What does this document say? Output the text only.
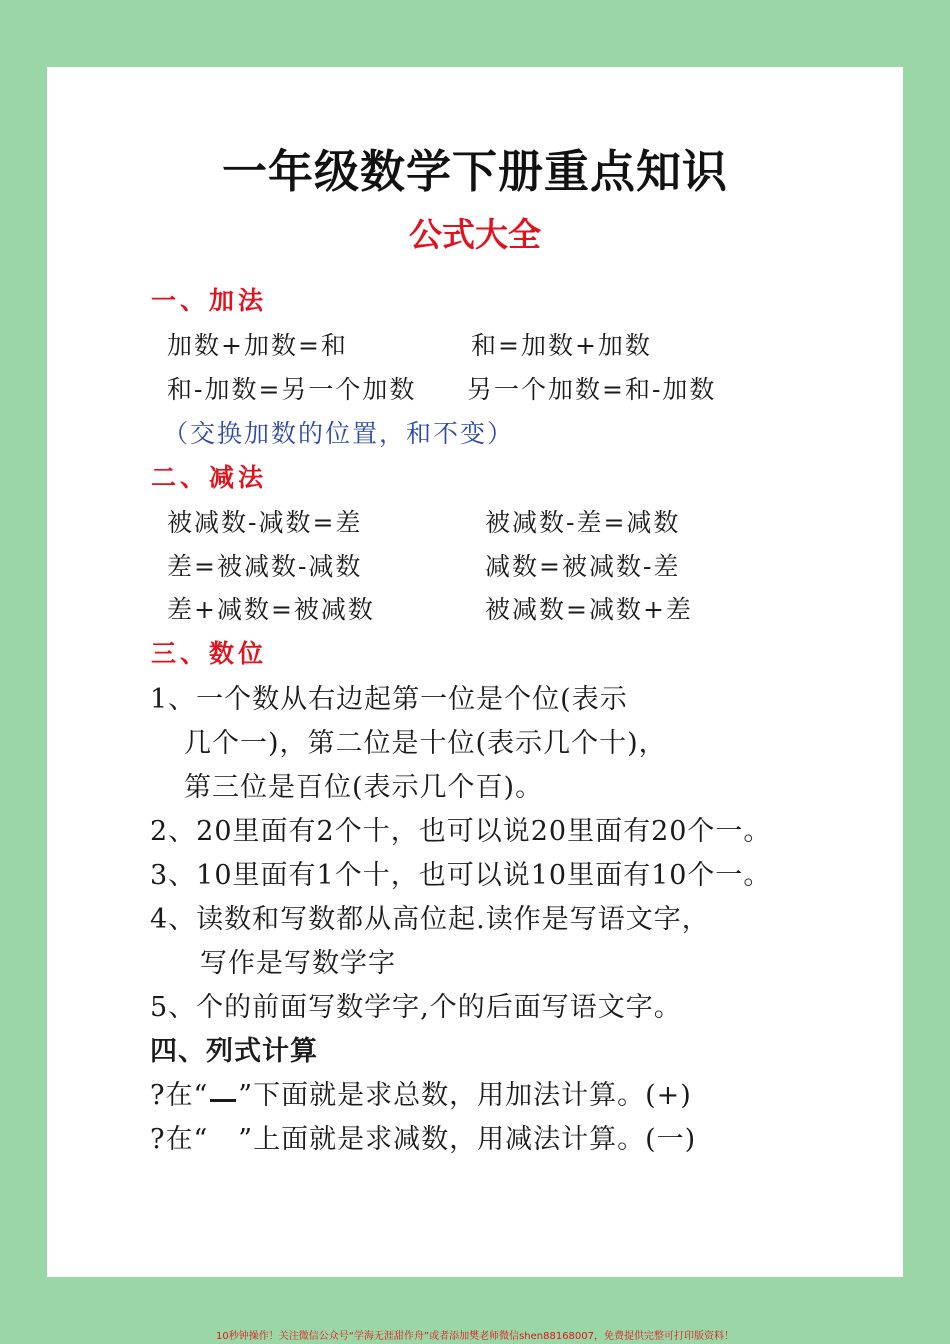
一年级数学下册重点知识
公式大全
一、加法
加数+加数=和	和=加数+加数
和-加数=另一个加数 另一个加数=和-加数
（交换加数的位置，和不变）
二、减法
被减数-减数=差	被减数-差=减数
差=被减数-减数	减数=被减数-差
差+减数=被减数	被减数=减数+差
三、数位
1、一个数从右边起第一位是个位(表示
几个一)，第二位是十位(表示几个十)，
第三位是百位(表示几个百)。
2、20里面有2个十，也可以说20里面有20个一。
3、10里面有1个十，也可以说10里面有10个一。
4、读数和写数都从高位起.读作是写语文字，
写作是写数学字
5、个的前面写数学字,个的后面写语文字。
四、列式计算
?在“ ”下面就是求总数，用加法计算。(+)
?在“ ”上面就是求减数，用减法计算。(一)
10秒钟操作！关注微信公众号“学海无涯甜作舟”或者添加樊老师微信shen88168007，免费提供完整可打印版资料！
